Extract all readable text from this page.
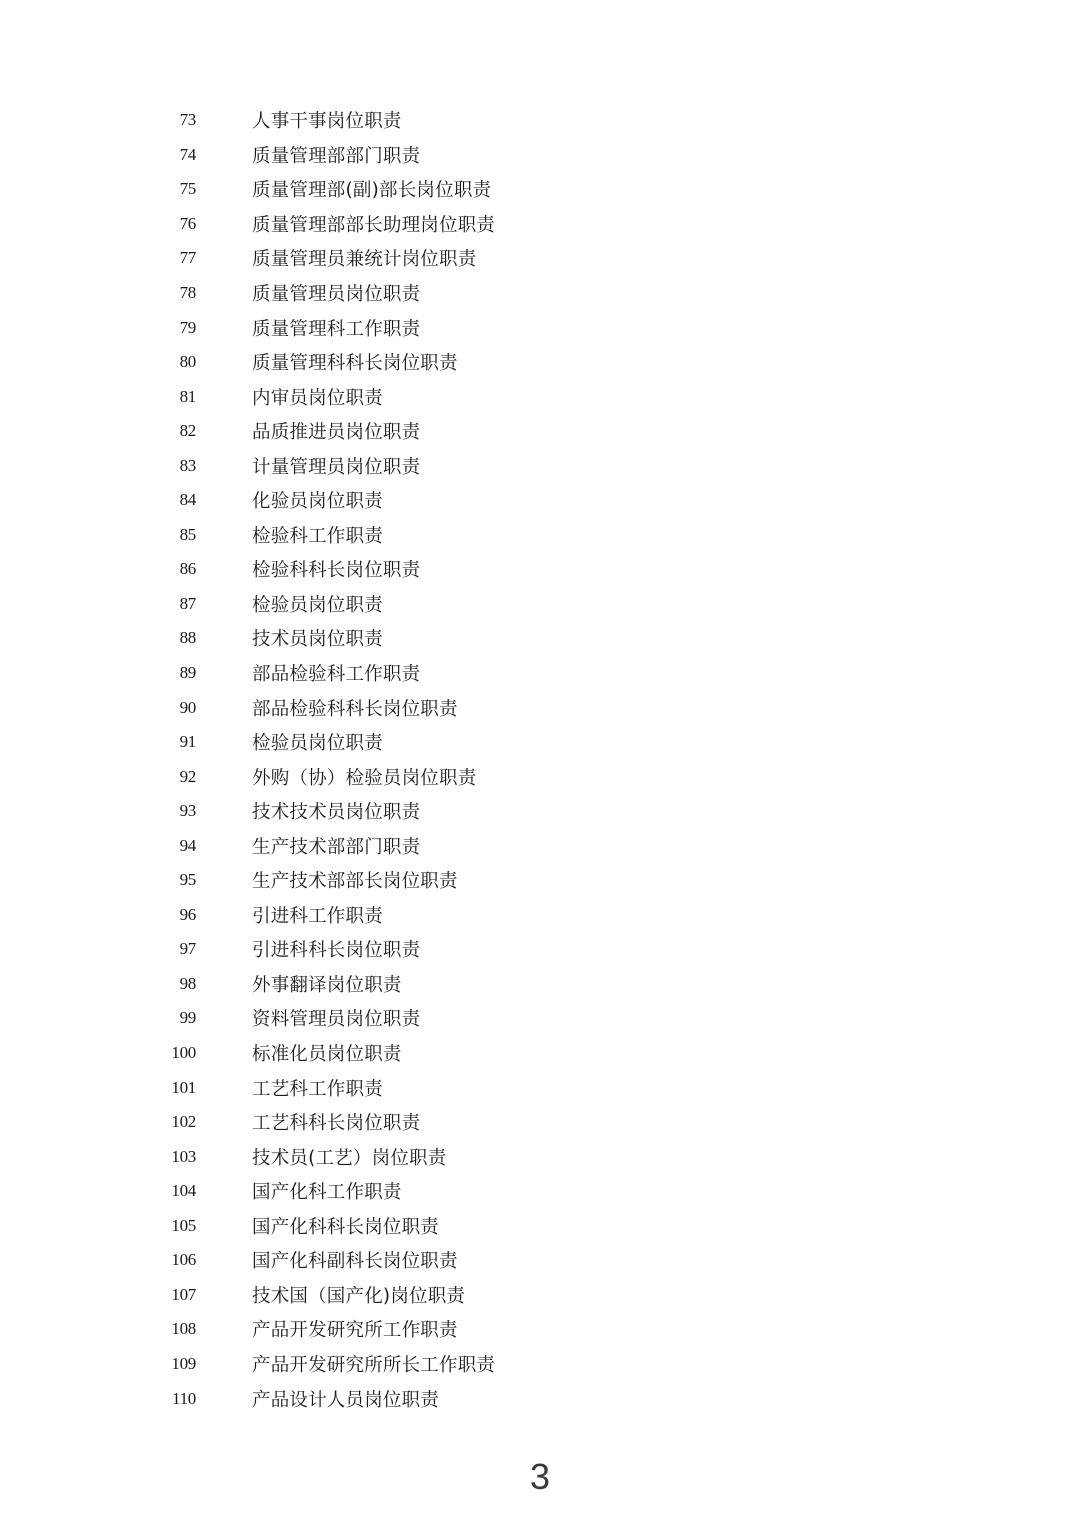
73	人事干事岗位职责
74	质量管理部部门职责
75	质量管理部(副)部长岗位职责
76	质量管理部部长助理岗位职责
77	质量管理员兼统计岗位职责
78	质量管理员岗位职责
79	质量管理科工作职责
80	质量管理科科长岗位职责
81	内审员岗位职责
82	品质推进员岗位职责
83	计量管理员岗位职责
84	化验员岗位职责
85	检验科工作职责
86	检验科科长岗位职责
87	检验员岗位职责
88	技术员岗位职责
89	部品检验科工作职责
90	部品检验科科长岗位职责
91	检验员岗位职责
92	外购（协）检验员岗位职责
93	技术技术员岗位职责
94	生产技术部部门职责
95	生产技术部部长岗位职责
96	引进科工作职责
97	引进科科长岗位职责
98	外事翻译岗位职责
99	资料管理员岗位职责
100	标准化员岗位职责
101	工艺科工作职责
102	工艺科科长岗位职责
103	技术员(工艺）岗位职责
104	国产化科工作职责
105	国产化科科长岗位职责
106	国产化科副科长岗位职责
107	技术国（国产化)岗位职责
108	产品开发研究所工作职责
109	产品开发研究所所长工作职责
110	产品设计人员岗位职责
3
